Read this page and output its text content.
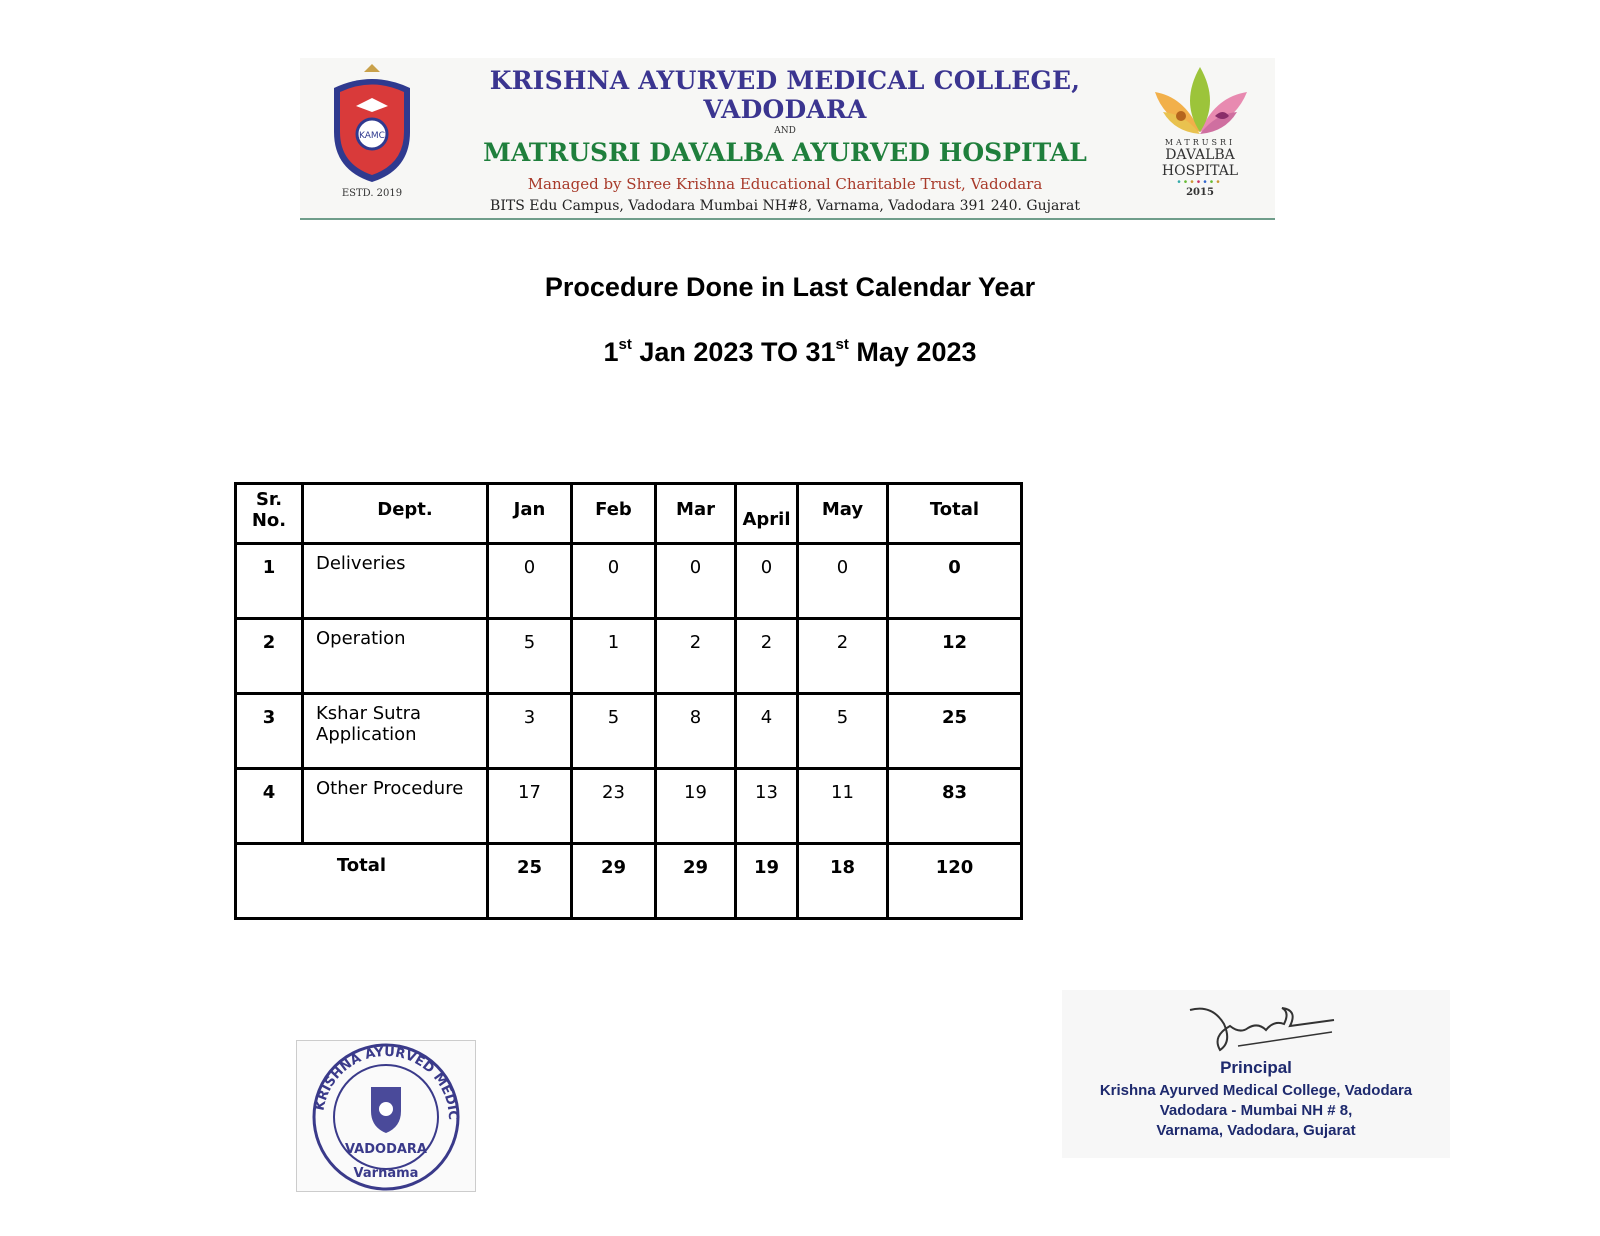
KAMC
ESTD. 2019
KRISHNA AYURVED MEDICAL COLLEGE, VADODARA
AND
MATRUSRI DAVALBA AYURVED HOSPITAL
Managed by Shree Krishna Educational Charitable Trust, Vadodara
BITS Edu Campus, Vadodara Mumbai NH#8, Varnama, Vadodara 391 240. Gujarat
MATRUSRI
DAVALBA HOSPITAL
•••••••
2015
Procedure Done in Last Calendar Year
1st Jan 2023 TO 31st May 2023
Sr. No.	Dept.	Jan	Feb	Mar	April	May	Total
1	Deliveries	0	0	0	0	0	0
2	Operation	5	1	2	2	2	12
3	Kshar Sutra Application	3	5	8	4	5	25
4	Other Procedure	17	23	19	13	11	83
Total		25	29	29	19	18	120
KRISHNA AYURVED MEDIC
VADODARA
Varnama
Principal
Krishna Ayurved Medical College, Vadodara
Vadodara - Mumbai NH # 8,
Varnama, Vadodara, Gujarat
